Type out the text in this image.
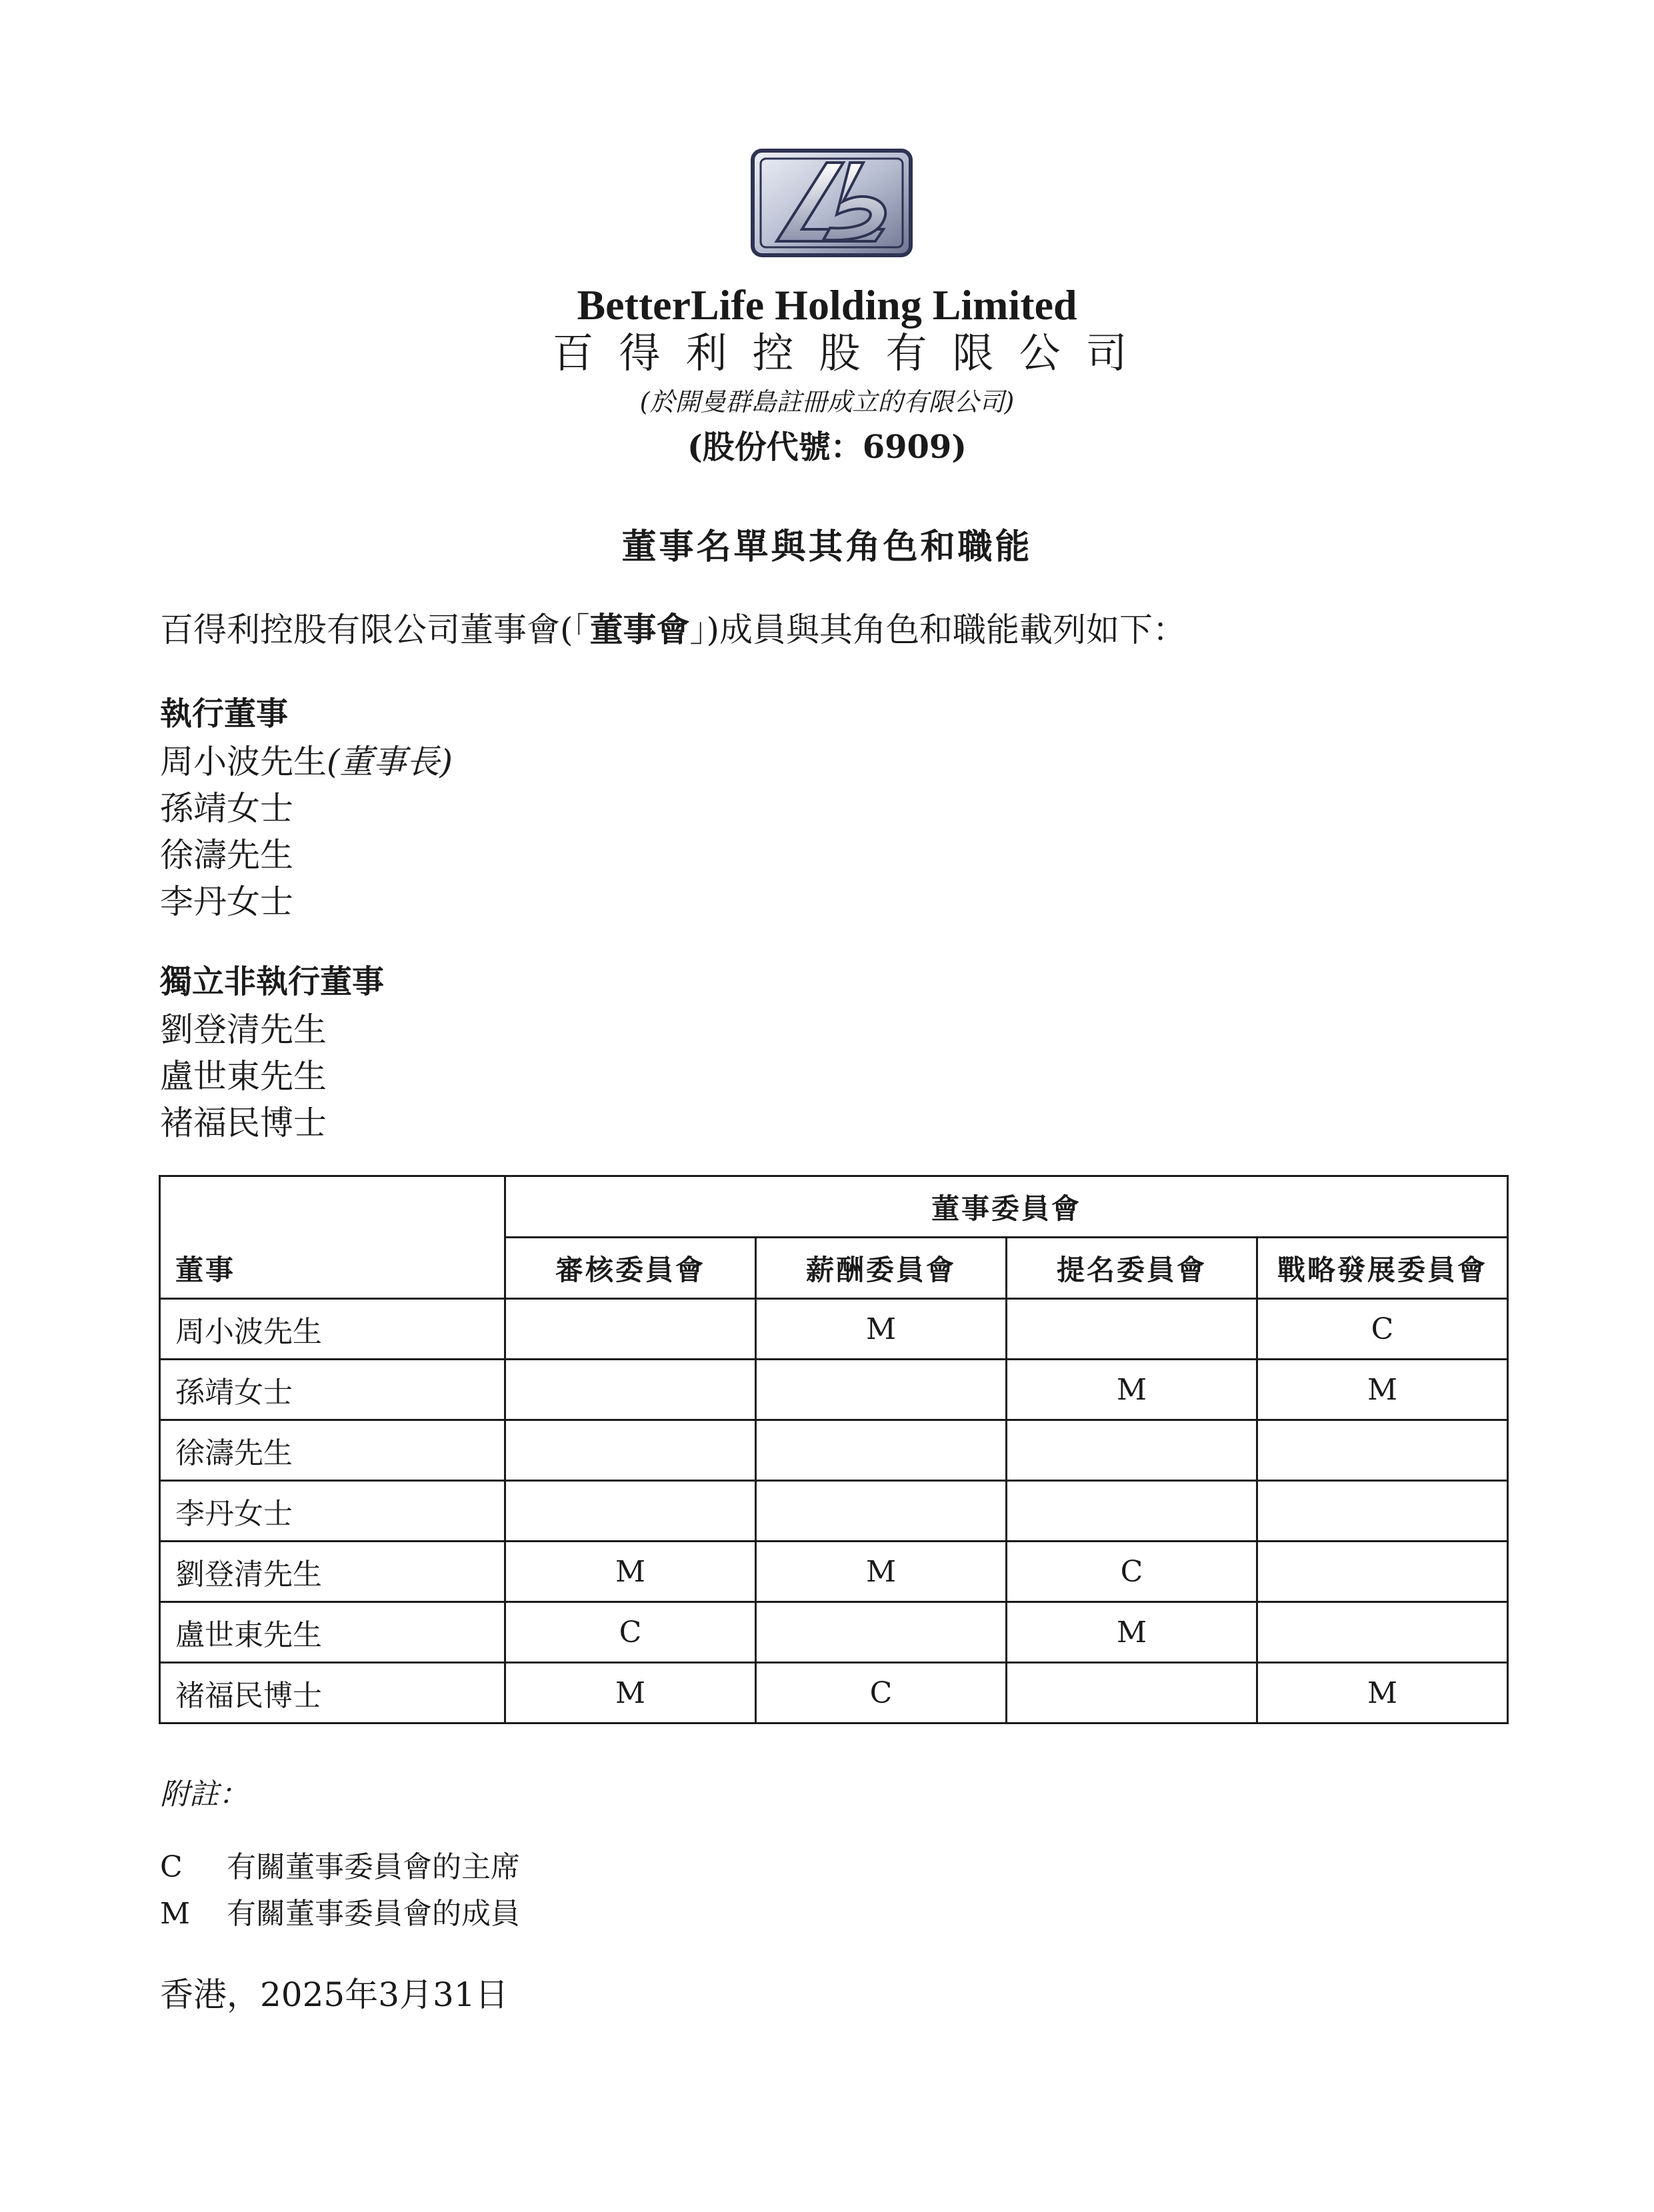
BetterLife Holding Limited
百得利控股有限公司
(於開曼群島註冊成立的有限公司)
(股份代號：6909)
董事名單與其角色和職能
百得利控股有限公司董事會(「董事會」)成員與其角色和職能載列如下：
執行董事
周小波先生(董事長)
孫靖女士
徐濤先生
李丹女士
獨立非執行董事
劉登清先生
盧世東先生
褚福民博士
董事	董事委員會			
	審核委員會	薪酬委員會	提名委員會	戰略發展委員會
周小波先生		M		C
孫靖女士			M	M
徐濤先生				
李丹女士				
劉登清先生	M	M	C	
盧世東先生	C		M	
褚福民博士	M	C		M
附註：
C 有關董事委員會的主席
M 有關董事委員會的成員
香港，2025年3月31日
